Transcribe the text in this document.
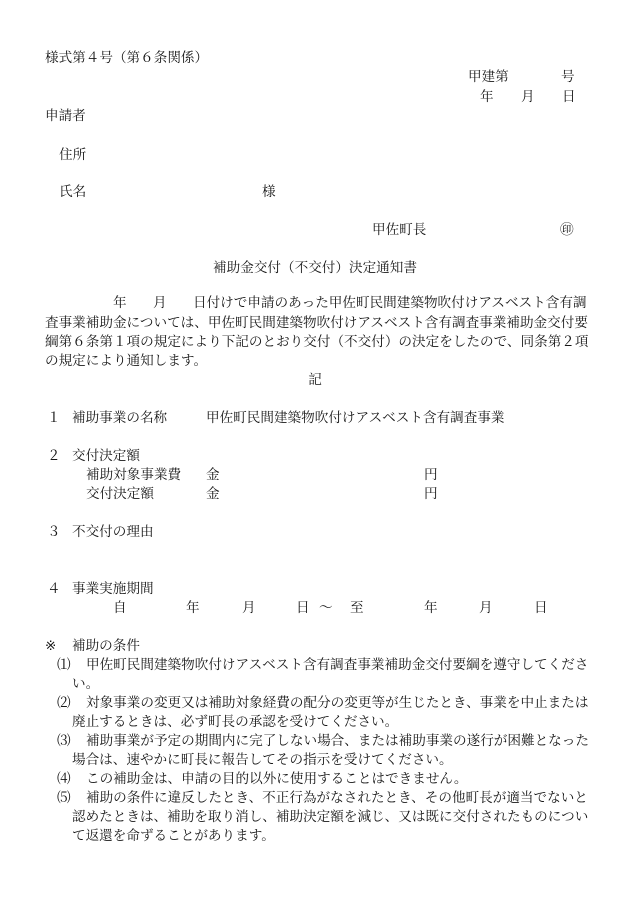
様式第４号（第６条関係）
甲建第	号
年 月 日
申請者
住所
氏名	様
甲佐町長	㊞
補助金交付（不交付）決定通知書
年 月 日付けで申請のあった甲佐町民間建築物吹付けアスベスト含有調
査事業補助金については、甲佐町民間建築物吹付けアスベスト含有調査事業補助金交付要
綱第６条第１項の規定により下記のとおり交付（不交付）の決定をしたので、同条第２項
の規定により通知します。
記
１ 補助事業の名称	甲佐町民間建築物吹付けアスベスト含有調査事業
２ 交付決定額
補助対象事業費 金	円
交付決定額	金	円
３ 不交付の理由
４ 事業実施期間
自	年	月	日 〜 至	年	月	日
※ 補助の条件
⑴ 甲佐町民間建築物吹付けアスベスト含有調査事業補助金交付要綱を遵守してくださ
い。
⑵ 対象事業の変更又は補助対象経費の配分の変更等が生じたとき、事業を中止または
廃止するときは、必ず町長の承認を受けてください。
⑶ 補助事業が予定の期間内に完了しない場合、または補助事業の遂行が困難となった
場合は、速やかに町長に報告してその指示を受けてください。
⑷ この補助金は、申請の目的以外に使用することはできません。
⑸ 補助の条件に違反したとき、不正行為がなされたとき、その他町長が適当でないと
認めたときは、補助を取り消し、補助決定額を減じ、又は既に交付されたものについ
て返還を命ずることがあります。
